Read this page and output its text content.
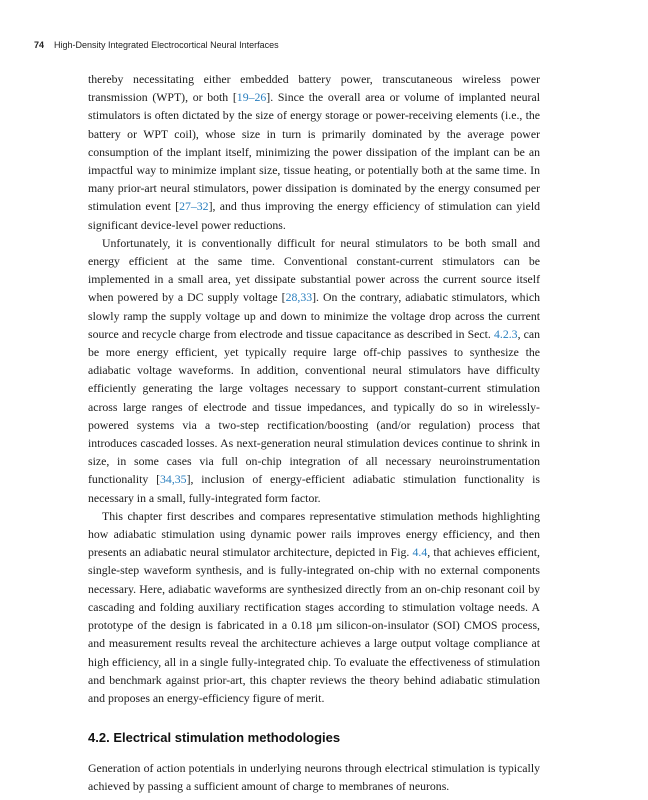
74 High-Density Integrated Electrocortical Neural Interfaces

thereby necessitating either embedded battery power, transcutaneous wireless power transmission (WPT), or both [19–26]. Since the overall area or volume of implanted neural stimulators is often dictated by the size of energy storage or power-receiving elements (i.e., the battery or WPT coil), whose size in turn is primarily dominated by the average power consumption of the implant itself, minimizing the power dissipation of the implant can be an impactful way to minimize implant size, tissue heating, or potentially both at the same time. In many prior-art neural stimulators, power dissipation is dominated by the energy consumed per stimulation event [27–32], and thus improving the energy efficiency of stimulation can yield significant device-level power reductions.

Unfortunately, it is conventionally difficult for neural stimulators to be both small and energy efficient at the same time. Conventional constant-current stimulators can be implemented in a small area, yet dissipate substantial power across the current source itself when powered by a DC supply voltage [28,33]. On the contrary, adiabatic stimulators, which slowly ramp the supply voltage up and down to minimize the voltage drop across the current source and recycle charge from electrode and tissue capacitance as described in Sect. 4.2.3, can be more energy efficient, yet typically require large off-chip passives to synthesize the adiabatic voltage waveforms. In addition, conventional neural stimulators have difficulty efficiently generating the large voltages necessary to support constant-current stimulation across large ranges of electrode and tissue impedances, and typically do so in wirelessly-powered systems via a two-step rectification/boosting (and/or regulation) process that introduces cascaded losses. As next-generation neural stimulation devices continue to shrink in size, in some cases via full on-chip integration of all necessary neuroinstrumentation functionality [34,35], inclusion of energy-efficient adiabatic stimulation functionality is necessary in a small, fully-integrated form factor.

This chapter first describes and compares representative stimulation methods highlighting how adiabatic stimulation using dynamic power rails improves energy efficiency, and then presents an adiabatic neural stimulator architecture, depicted in Fig. 4.4, that achieves efficient, single-step waveform synthesis, and is fully-integrated on-chip with no external components necessary. Here, adiabatic waveforms are synthesized directly from an on-chip resonant coil by cascading and folding auxiliary rectification stages according to stimulation voltage needs. A prototype of the design is fabricated in a 0.18 µm silicon-on-insulator (SOI) CMOS process, and measurement results reveal the architecture achieves a large output voltage compliance at high efficiency, all in a single fully-integrated chip. To evaluate the effectiveness of stimulation and benchmark against prior-art, this chapter reviews the theory behind adiabatic stimulation and proposes an energy-efficiency figure of merit.

4.2. Electrical stimulation methodologies

Generation of action potentials in underlying neurons through electrical stimulation is typically achieved by passing a sufficient amount of charge to membranes of neurons.
